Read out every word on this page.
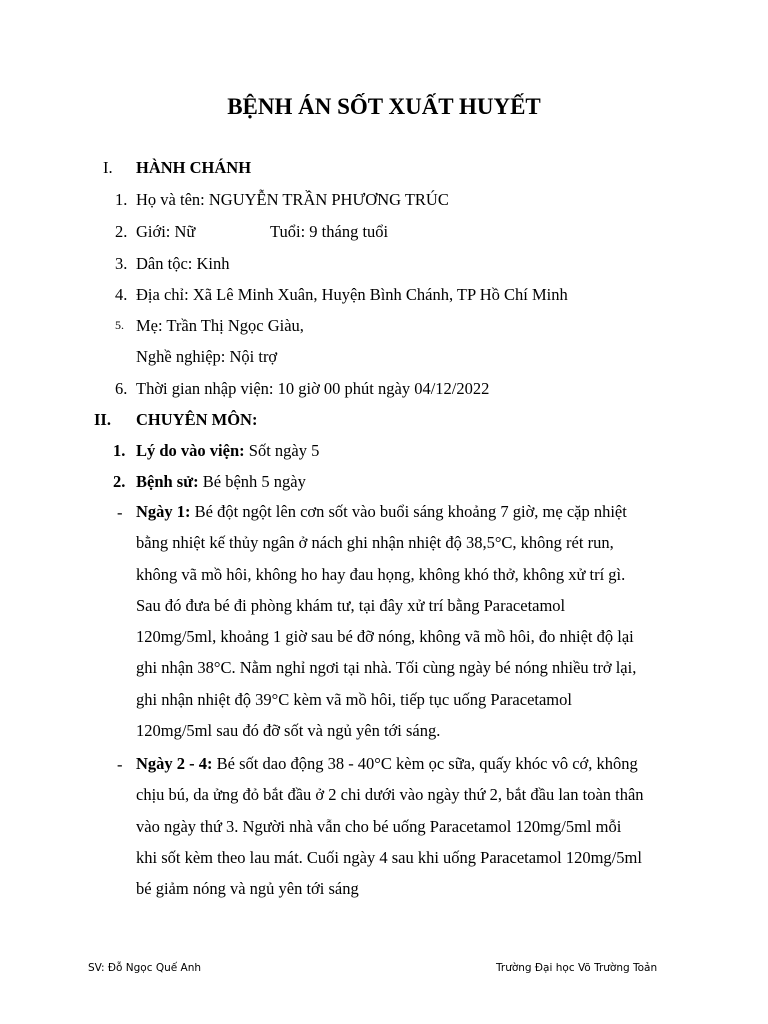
BỆNH ÁN SỐT XUẤT HUYẾT
I. HÀNH CHÁNH
1. Họ và tên: NGUYỄN TRẦN PHƯƠNG TRÚC
2. Giới: Nữ	Tuổi: 9 tháng tuổi
3. Dân tộc: Kinh
4. Địa chỉ: Xã Lê Minh Xuân, Huyện Bình Chánh, TP Hồ Chí Minh
5. Mẹ: Trần Thị Ngọc Giàu,
Nghề nghiệp: Nội trợ
6. Thời gian nhập viện: 10 giờ 00 phút ngày 04/12/2022
II. CHUYÊN MÔN:
1. Lý do vào viện: Sốt ngày 5
2. Bệnh sử: Bé bệnh 5 ngày
- Ngày 1: Bé đột ngột lên cơn sốt vào buổi sáng khoảng 7 giờ, mẹ cặp nhiệt
bằng nhiệt kế thủy ngân ở nách ghi nhận nhiệt độ 38,5°C, không rét run,
không vã mồ hôi, không ho hay đau họng, không khó thở, không xử trí gì.
Sau đó đưa bé đi phòng khám tư, tại đây xử trí bằng Paracetamol
120mg/5ml, khoảng 1 giờ sau bé đỡ nóng, không vã mồ hôi, đo nhiệt độ lại
ghi nhận 38°C. Nằm nghỉ ngơi tại nhà. Tối cùng ngày bé nóng nhiều trở lại,
ghi nhận nhiệt độ 39°C kèm vã mồ hôi, tiếp tục uống Paracetamol
120mg/5ml sau đó đỡ sốt và ngủ yên tới sáng.
- Ngày 2 - 4: Bé sốt dao động 38 - 40°C kèm ọc sữa, quấy khóc vô cớ, không
chịu bú, da ửng đỏ bắt đầu ở 2 chi dưới vào ngày thứ 2, bắt đầu lan toàn thân
vào ngày thứ 3. Người nhà vẫn cho bé uống Paracetamol 120mg/5ml mỗi
khi sốt kèm theo lau mát. Cuối ngày 4 sau khi uống Paracetamol 120mg/5ml
bé giảm nóng và ngủ yên tới sáng
SV: Đỗ Ngọc Quế Anh	Trường Đại học Võ Trường Toản
